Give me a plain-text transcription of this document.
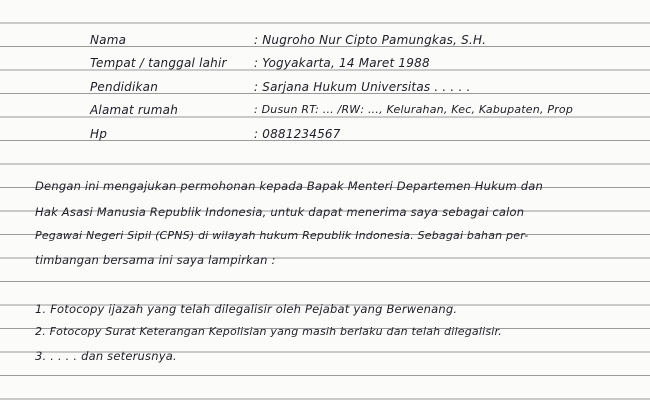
Nama	: Nugroho Nur Cipto Pamungkas, S.H.
Tempat / tanggal lahir : Yogyakarta, 14 Maret 1988
Pendidikan	: Sarjana Hukum Universitas . . . . .
Alamat rumah	: Dusun RT: ... /RW: ..., Kelurahan, Kec, Kabupaten, Prop
Hp	: 0881234567
Dengan ini mengajukan permohonan kepada Bapak Menteri Departemen Hukum dan
Hak Asasi Manusia Republik Indonesia, untuk dapat menerima saya sebagai calon
Pegawai Negeri Sipil (CPNS) di wilayah hukum Republik Indonesia. Sebagai bahan per-
timbangan bersama ini saya lampirkan :
1. Fotocopy ijazah yang telah dilegalisir oleh Pejabat yang Berwenang.
2. Fotocopy Surat Keterangan Kepolisian yang masih berlaku dan telah dilegalisir.
3. . . . . dan seterusnya.
